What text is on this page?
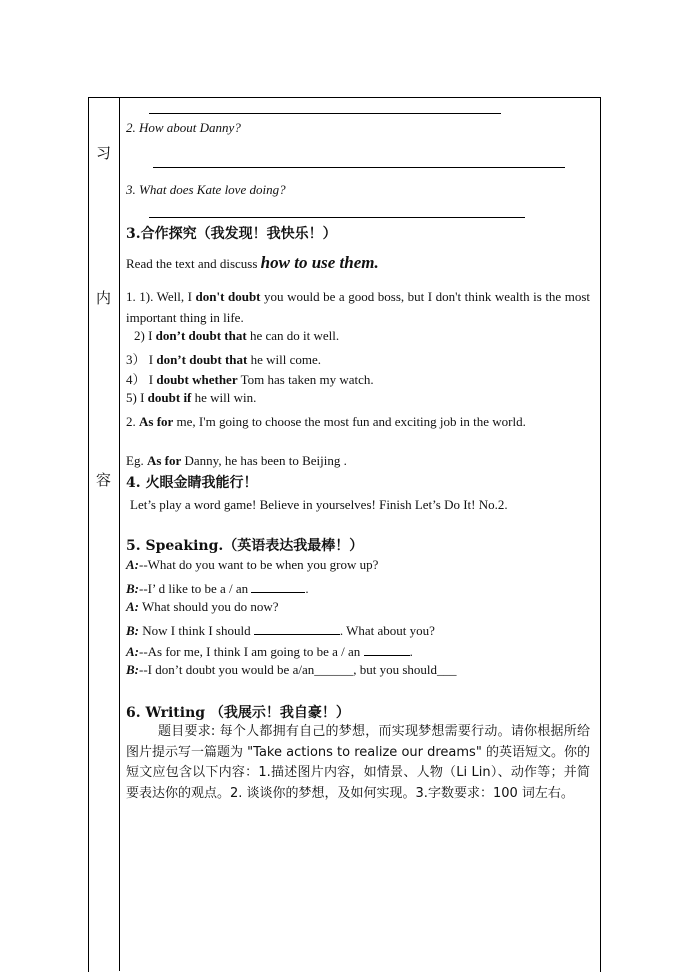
习
内
容
2. How about Danny?
3. What does Kate love doing?
3.合作探究（我发现！我快乐！）
Read the text and discuss how to use them.
1. 1). Well, I don't doubt you would be a good boss, but I don't think wealth is the most important thing in life.
2) I don’t doubt that he can do it well.
3） I don’t doubt that he will come.
4） I doubt whether Tom has taken my watch.
5) I doubt if he will win.
2. As for me, I'm going to choose the most fun and exciting job in the world.
Eg. As for Danny, he has been to Beijing .
4. 火眼金睛我能行！
Let’s play a word game! Believe in yourselves! Finish Let’s Do It! No.2.
5. Speaking.（英语表达我最棒！）
A:--What do you want to be when you grow up?
B:--I’ d like to be a / an	.
A: What should you do now?
B: Now I think I should	. What about you?
A:--As for me, I think I am going to be a / an	.
B:--I don’t doubt you would be a/an______, but you should___
6. Writing （我展示！我自豪！）
题目要求: 每个人都拥有自己的梦想，而实现梦想需要行动。请你根据所给图片提示写一篇题为 "Take actions to realize our dreams" 的英语短文。你的短文应包含以下内容：1.描述图片内容，如情景、人物（Li Lin）、动作等；并简要表达你的观点。2. 谈谈你的梦想，及如何实现。3.字数要求：100 词左右。
